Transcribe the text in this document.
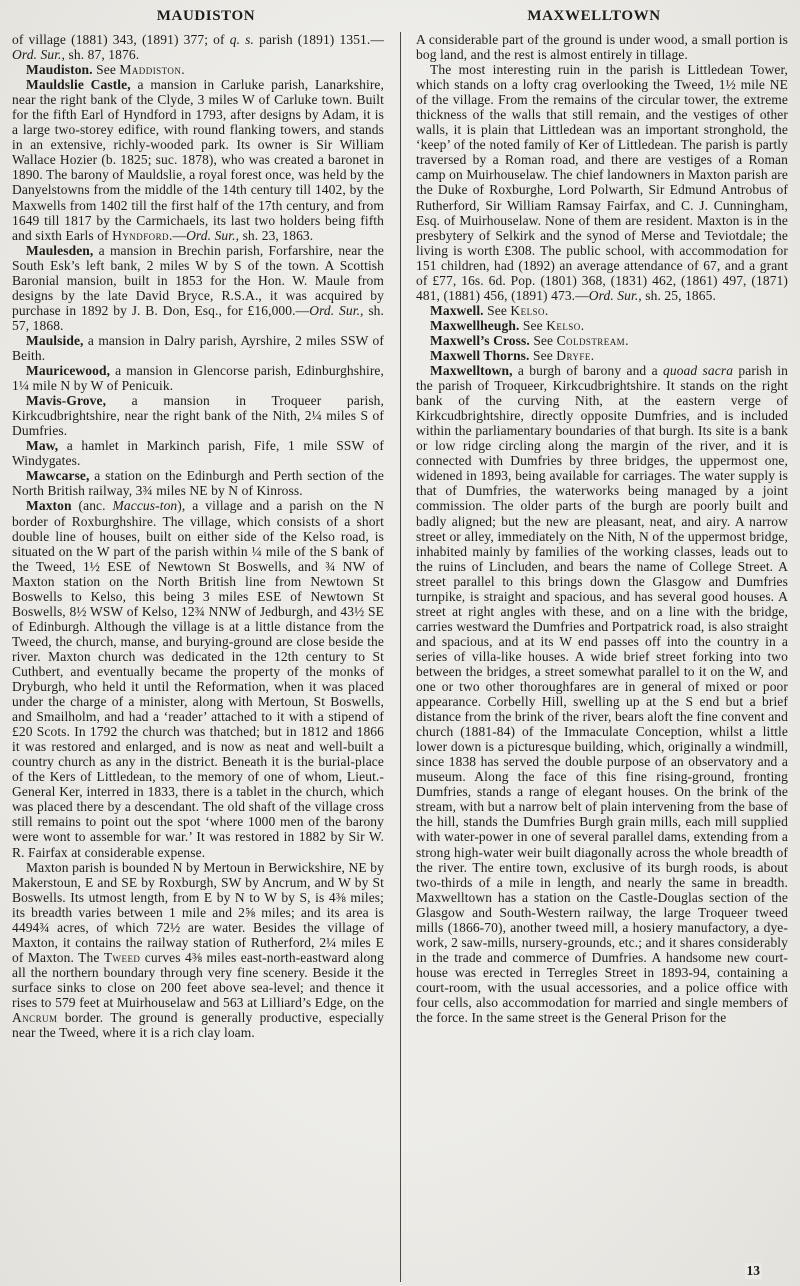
MAUDISTON	MAXWELLTOWN

of village (1881) 343, (1891) 377; of q. s. parish (1891) 1351.—Ord. Sur., sh. 87, 1876.

Maudiston. See Maddiston.

Mauldslie Castle, a mansion in Carluke parish, Lanarkshire, near the right bank of the Clyde, 3 miles W of Carluke town. Built for the fifth Earl of Hyndford in 1793, after designs by Adam, it is a large two-storey edifice, with round flanking towers, and stands in an extensive, richly-wooded park. Its owner is Sir William Wallace Hozier (b. 1825; suc. 1878), who was created a baronet in 1890. The barony of Mauldslie, a royal forest once, was held by the Danyelstowns from the middle of the 14th century till 1402, by the Maxwells from 1402 till the first half of the 17th century, and from 1649 till 1817 by the Carmichaels, its last two holders being fifth and sixth Earls of Hyndford.—Ord. Sur., sh. 23, 1863.

Maulesden, a mansion in Brechin parish, Forfarshire, near the South Esk’s left bank, 2 miles W by S of the town. A Scottish Baronial mansion, built in 1853 for the Hon. W. Maule from designs by the late David Bryce, R.S.A., it was acquired by purchase in 1892 by J. B. Don, Esq., for £16,000.—Ord. Sur., sh. 57, 1868.

Maulside, a mansion in Dalry parish, Ayrshire, 2 miles SSW of Beith.

Mauricewood, a mansion in Glencorse parish, Edinburghshire, 1¼ mile N by W of Penicuik.

Mavis-Grove, a mansion in Troqueer parish, Kirkcudbrightshire, near the right bank of the Nith, 2¼ miles S of Dumfries.

Maw, a hamlet in Markinch parish, Fife, 1 mile SSW of Windygates.

Mawcarse, a station on the Edinburgh and Perth section of the North British railway, 3¾ miles NE by N of Kinross.

Maxton (anc. Maccus-ton), a village and a parish on the N border of Roxburghshire. The village, which consists of a short double line of houses, built on either side of the Kelso road, is situated on the W part of the parish within ¼ mile of the S bank of the Tweed, 1½ ESE of Newtown St Boswells, and ¾ NW of Maxton station on the North British line from Newtown St Boswells to Kelso, this being 3 miles ESE of Newtown St Boswells, 8½ WSW of Kelso, 12¾ NNW of Jedburgh, and 43½ SE of Edinburgh. Although the village is at a little distance from the Tweed, the church, manse, and burying-ground are close beside the river. Maxton church was dedicated in the 12th century to St Cuthbert, and eventually became the property of the monks of Dryburgh, who held it until the Reformation, when it was placed under the charge of a minister, along with Mertoun, St Boswells, and Smailholm, and had a ‘reader’ attached to it with a stipend of £20 Scots. In 1792 the church was thatched; but in 1812 and 1866 it was restored and enlarged, and is now as neat and well-built a country church as any in the district. Beneath it is the burial-place of the Kers of Littledean, to the memory of one of whom, Lieut.-General Ker, interred in 1833, there is a tablet in the church, which was placed there by a descendant. The old shaft of the village cross still remains to point out the spot ‘where 1000 men of the barony were wont to assemble for war.’ It was restored in 1882 by Sir W. R. Fairfax at considerable expense.

Maxton parish is bounded N by Mertoun in Berwickshire, NE by Makerstoun, E and SE by Roxburgh, SW by Ancrum, and W by St Boswells. Its utmost length, from E by N to W by S, is 4⅜ miles; its breadth varies between 1 mile and 2⅝ miles; and its area is 4494¾ acres, of which 72½ are water. Besides the village of Maxton, it contains the railway station of Rutherford, 2¼ miles E of Maxton. The Tweed curves 4⅜ miles east-north-eastward along all the northern boundary through very fine scenery. Beside it the surface sinks to close on 200 feet above sea-level; and thence it rises to 579 feet at Muirhouselaw and 563 at Lilliard’s Edge, on the Ancrum border. The ground is generally productive, especially near the Tweed, where it is a rich clay loam.

A considerable part of the ground is under wood, a small portion is bog land, and the rest is almost entirely in tillage.

The most interesting ruin in the parish is Littledean Tower, which stands on a lofty crag overlooking the Tweed, 1½ mile NE of the village. From the remains of the circular tower, the extreme thickness of the walls that still remain, and the vestiges of other walls, it is plain that Littledean was an important stronghold, the ‘keep’ of the noted family of Ker of Littledean. The parish is partly traversed by a Roman road, and there are vestiges of a Roman camp on Muirhouselaw. The chief landowners in Maxton parish are the Duke of Roxburghe, Lord Polwarth, Sir Edmund Antrobus of Rutherford, Sir William Ramsay Fairfax, and C. J. Cunningham, Esq. of Muirhouselaw. None of them are resident. Maxton is in the presbytery of Selkirk and the synod of Merse and Teviotdale; the living is worth £308. The public school, with accommodation for 151 children, had (1892) an average attendance of 67, and a grant of £77, 16s. 6d. Pop. (1801) 368, (1831) 462, (1861) 497, (1871) 481, (1881) 456, (1891) 473.—Ord. Sur., sh. 25, 1865.

Maxwell. See Kelso.

Maxwellheugh. See Kelso.

Maxwell’s Cross. See Coldstream.

Maxwell Thorns. See Dryfe.

Maxwelltown, a burgh of barony and a quoad sacra parish in the parish of Troqueer, Kirkcudbrightshire. It stands on the right bank of the curving Nith, at the eastern verge of Kirkcudbrightshire, directly opposite Dumfries, and is included within the parliamentary boundaries of that burgh. Its site is a bank or low ridge circling along the margin of the river, and it is connected with Dumfries by three bridges, the uppermost one, widened in 1893, being available for carriages. The water supply is that of Dumfries, the waterworks being managed by a joint commission. The older parts of the burgh are poorly built and badly aligned; but the new are pleasant, neat, and airy. A narrow street or alley, immediately on the Nith, N of the uppermost bridge, inhabited mainly by families of the working classes, leads out to the ruins of Lincluden, and bears the name of College Street. A street parallel to this brings down the Glasgow and Dumfries turnpike, is straight and spacious, and has several good houses. A street at right angles with these, and on a line with the bridge, carries westward the Dumfries and Portpatrick road, is also straight and spacious, and at its W end passes off into the country in a series of villa-like houses. A wide brief street forking into two between the bridges, a street somewhat parallel to it on the W, and one or two other thoroughfares are in general of mixed or poor appearance. Corbelly Hill, swelling up at the S end but a brief distance from the brink of the river, bears aloft the fine convent and church (1881-84) of the Immaculate Conception, whilst a little lower down is a picturesque building, which, originally a windmill, since 1838 has served the double purpose of an observatory and a museum. Along the face of this fine rising-ground, fronting Dumfries, stands a range of elegant houses. On the brink of the stream, with but a narrow belt of plain intervening from the base of the hill, stands the Dumfries Burgh grain mills, each mill supplied with water-power in one of several parallel dams, extending from a strong high-water weir built diagonally across the whole breadth of the river. The entire town, exclusive of its burgh roods, is about two-thirds of a mile in length, and nearly the same in breadth. Maxwelltown has a station on the Castle-Douglas section of the Glasgow and South-Western railway, the large Troqueer tweed mills (1866-70), another tweed mill, a hosiery manufactory, a dye-work, 2 saw-mills, nursery-grounds, etc.; and it shares considerably in the trade and commerce of Dumfries. A handsome new court-house was erected in Terregles Street in 1893-94, containing a court-room, with the usual accessories, and a police office with four cells, also accommodation for married and single members of the force. In the same street is the General Prison for the

13
